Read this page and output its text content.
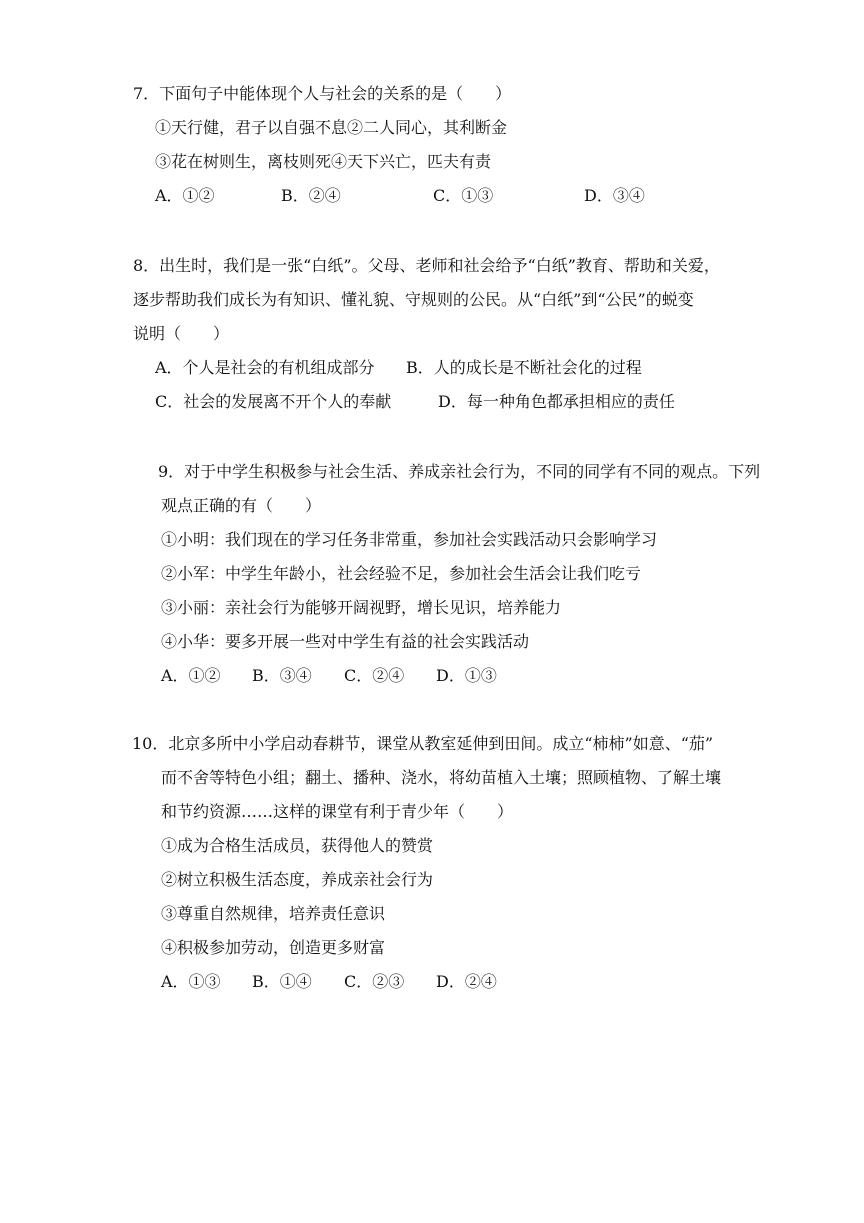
7．下面句子中能体现个人与社会的关系的是（　　）
①天行健，君子以自强不息②二人同心，其利断金
③花在树则生，离枝则死④天下兴亡，匹夫有责
A．①②	B．②④	C．①③	D．③④
8．出生时，我们是一张“白纸”。父母、老师和社会给予“白纸”教育、帮助和关爱，
逐步帮助我们成长为有知识、懂礼貌、守规则的公民。从“白纸”到“公民”的蜕变
说明（　　）
A．个人是社会的有机组成部分 B．人的成长是不断社会化的过程
C．社会的发展离不开个人的奉献	D．每一种角色都承担相应的责任
9．对于中学生积极参与社会生活、养成亲社会行为，不同的同学有不同的观点。下列
观点正确的有（　　）
①小明：我们现在的学习任务非常重，参加社会实践活动只会影响学习
②小军：中学生年龄小，社会经验不足，参加社会生活会让我们吃亏
③小丽：亲社会行为能够开阔视野，增长见识，培养能力
④小华：要多开展一些对中学生有益的社会实践活动
A．①② B．③④ C．②④ D．①③
10．北京多所中小学启动春耕节，课堂从教室延伸到田间。成立“柿柿”如意、“茄”
而不舍等特色小组；翻土、播种、浇水，将幼苗植入土壤；照顾植物、了解土壤
和节约资源……这样的课堂有利于青少年（　　）
①成为合格生活成员，获得他人的赞赏
②树立积极生活态度，养成亲社会行为
③尊重自然规律，培养责任意识
④积极参加劳动，创造更多财富
A．①③ B．①④ C．②③ D．②④
